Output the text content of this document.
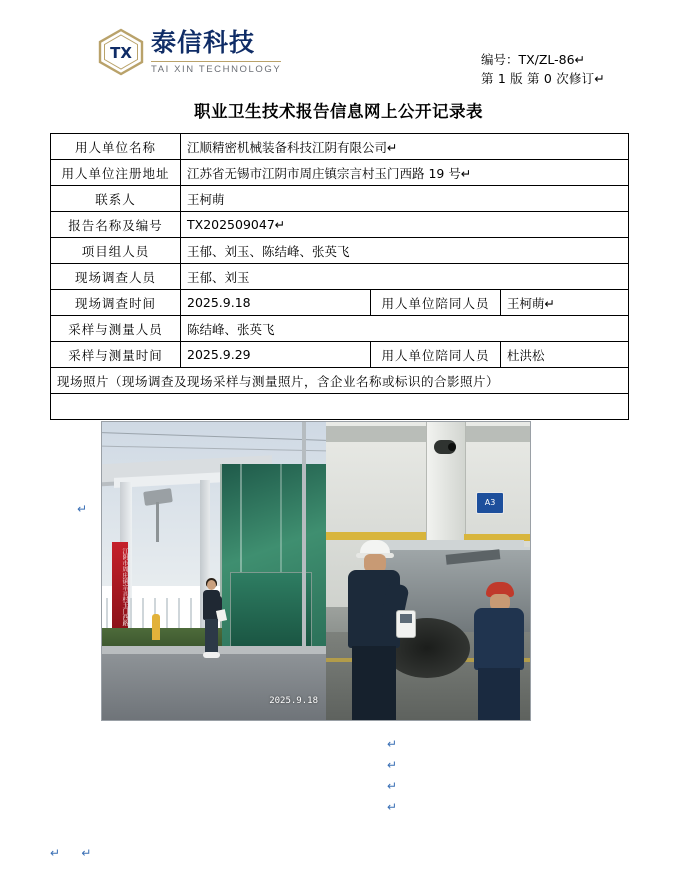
TX 泰信科技
TAI XIN TECHNOLOGY
编号：TX/ZL-86↵
第 1 版 第 0 次修订↵
职业卫生技术报告信息网上公开记录表
用人单位名称	江顺精密机械装备科技江阴有限公司↵		
用人单位注册地址	江苏省无锡市江阴市周庄镇宗言村玉门西路 19 号↵		
联系人	王柯萌		
报告名称及编号	TX202509047↵		
项目组人员	王郁、刘玉、陈结峰、张英飞		
现场调查人员	王郁、刘玉		
现场调查时间	2025.9.18	用人单位陪同人员	王柯萌↵
采样与测量人员	陈结峰、张英飞		
采样与测量时间	2025.9.29	用人单位陪同人员	杜洪松
现场照片（现场调查及现场采样与测量照片，含企业名称或标识的合影照片）			

江阴市周庄镇宗言村玉门西路
2025.9.18
A3
↵
↵
↵
↵
↵
↵ ↵
